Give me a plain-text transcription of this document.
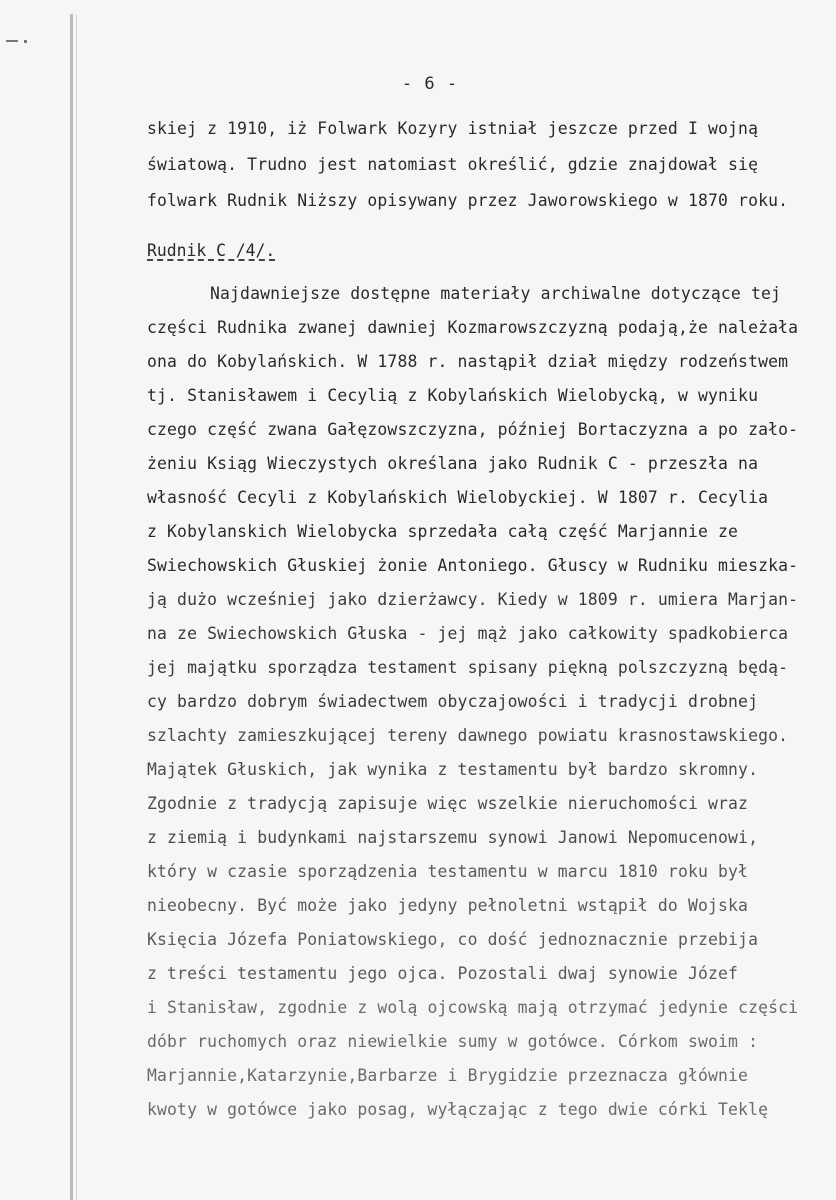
- 6 -
skiej z 1910, iż Folwark Kozyry istniał jeszcze przed I wojną
światową. Trudno jest natomiast określić, gdzie znajdował się
folwark Rudnik Niższy opisywany przez Jaworowskiego w 1870 roku.
Rudnik C /4/.
Najdawniejsze dostępne materiały archiwalne dotyczące tej
części Rudnika zwanej dawniej Kozmarowszczyzną podają,że należała
ona do Kobylańskich. W 1788 r. nastąpił dział między rodzeństwem
tj. Stanisławem i Cecylią z Kobylańskich Wielobycką, w wyniku
czego część zwana Gałęzowszczyzna, później Bortaczyzna a po zało-
żeniu Ksiąg Wieczystych określana jako Rudnik C - przeszła na
własność Cecyli z Kobylańskich Wielobyckiej. W 1807 r. Cecylia
z Kobylanskich Wielobycka sprzedała całą część Marjannie ze
Swiechowskich Głuskiej żonie Antoniego. Głuscy w Rudniku mieszka-
ją dużo wcześniej jako dzierżawcy. Kiedy w 1809 r. umiera Marjan-
na ze Swiechowskich Głuska - jej mąż jako całkowity spadkobierca
jej majątku sporządza testament spisany piękną polszczyzną będą-
cy bardzo dobrym świadectwem obyczajowości i tradycji drobnej
szlachty zamieszkującej tereny dawnego powiatu krasnostawskiego.
Majątek Głuskich, jak wynika z testamentu był bardzo skromny.
Zgodnie z tradycją zapisuje więc wszelkie nieruchomości wraz
z ziemią i budynkami najstarszemu synowi Janowi Nepomucenowi,
który w czasie sporządzenia testamentu w marcu 1810 roku był
nieobecny. Być może jako jedyny pełnoletni wstąpił do Wojska
Księcia Józefa Poniatowskiego, co dość jednoznacznie przebija
z treści testamentu jego ojca. Pozostali dwaj synowie Józef
i Stanisław, zgodnie z wolą ojcowską mają otrzymać jedynie części
dóbr ruchomych oraz niewielkie sumy w gotówce. Córkom swoim :
Marjannie,Katarzynie,Barbarze i Brygidzie przeznacza głównie
kwoty w gotówce jako posag, wyłączając z tego dwie córki Teklę
